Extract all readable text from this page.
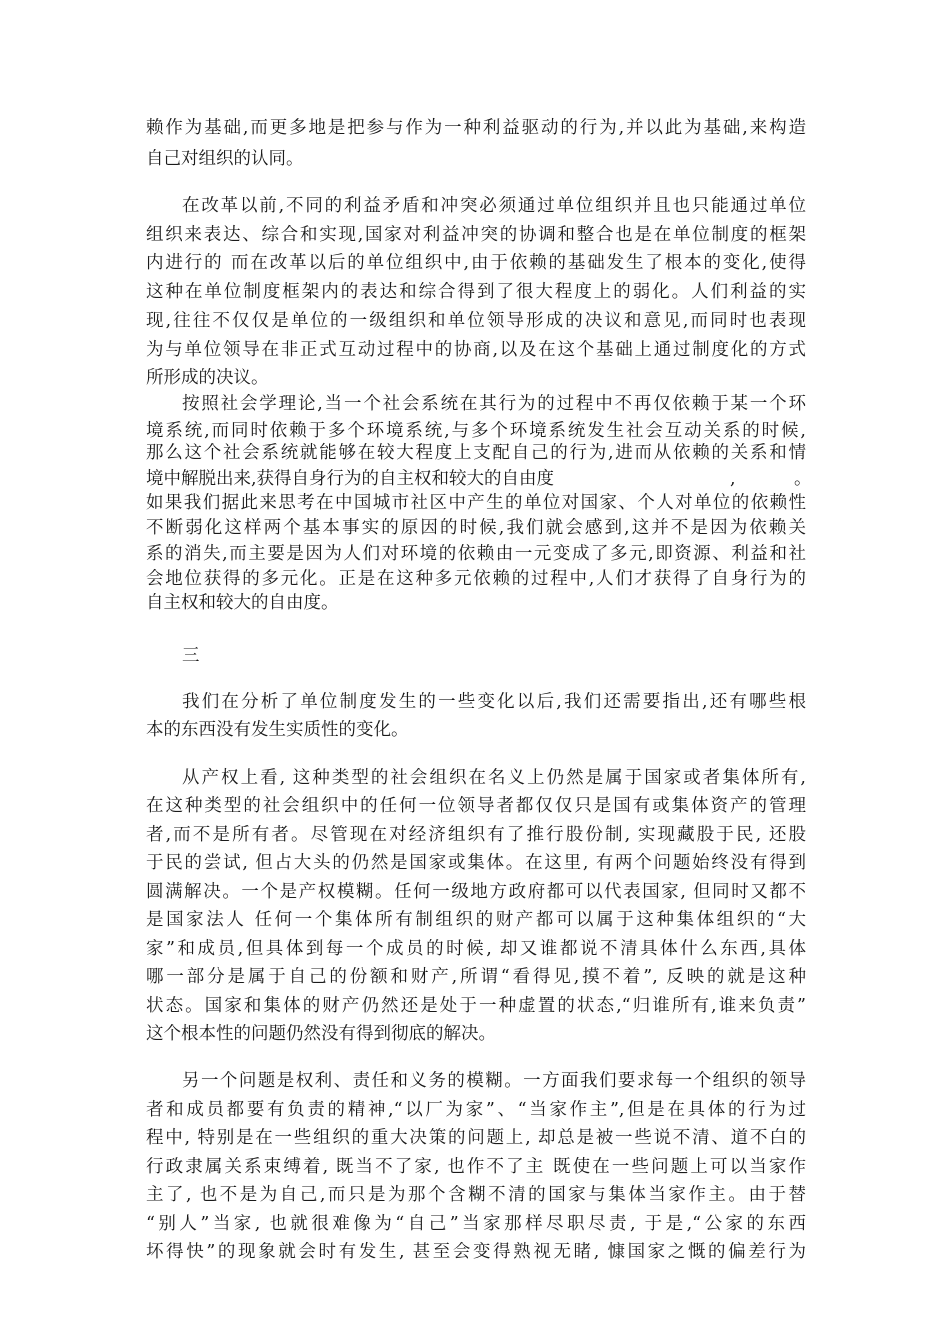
赖作为基础,而更多地是把参与作为一种利益驱动的行为,并以此为基础,来构造
自己对组织的认同。
在改革以前,不同的利益矛盾和冲突必须通过单位组织并且也只能通过单位
组织来表达、综合和实现,国家对利益冲突的协调和整合也是在单位制度的框架
内进行的 而在改革以后的单位组织中,由于依赖的基础发生了根本的变化,使得
这种在单位制度框架内的表达和综合得到了很大程度上的弱化。人们利益的实
现,往往不仅仅是单位的一级组织和单位领导形成的决议和意见,而同时也表现
为与单位领导在非正式互动过程中的协商,以及在这个基础上通过制度化的方式
所形成的决议。
按照社会学理论,当一个社会系统在其行为的过程中不再仅依赖于某一个环
境系统,而同时依赖于多个环境系统,与多个环境系统发生社会互动关系的时候,
那么这个社会系统就能够在较大程度上支配自己的行为,进而从依赖的关系和情
境中解脱出来,获得自身行为的自主权和较大的自由度	,	。
如果我们据此来思考在中国城市社区中产生的单位对国家、个人对单位的依赖性
不断弱化这样两个基本事实的原因的时候,我们就会感到,这并不是因为依赖关
系的消失,而主要是因为人们对环境的依赖由一元变成了多元,即资源、利益和社
会地位获得的多元化。正是在这种多元依赖的过程中,人们才获得了自身行为的
自主权和较大的自由度。
三
我们在分析了单位制度发生的一些变化以后,我们还需要指出,还有哪些根
本的东西没有发生实质性的变化。
从产权上看, 这种类型的社会组织在名义上仍然是属于国家或者集体所有,
在这种类型的社会组织中的任何一位领导者都仅仅只是国有或集体资产的管理
者,而不是所有者。尽管现在对经济组织有了推行股份制, 实现藏股于民, 还股
于民的尝试, 但占大头的仍然是国家或集体。在这里, 有两个问题始终没有得到
圆满解决。一个是产权模糊。任何一级地方政府都可以代表国家, 但同时又都不
是国家法人 任何一个集体所有制组织的财产都可以属于这种集体组织的“大
家”和成员,但具体到每一个成员的时候, 却又谁都说不清具体什么东西,具体
哪一部分是属于自己的份额和财产,所谓“看得见,摸不着”, 反映的就是这种
状态。国家和集体的财产仍然还是处于一种虚置的状态,“归谁所有,谁来负责”
这个根本性的问题仍然没有得到彻底的解决。
另一个问题是权利、责任和义务的模糊。一方面我们要求每一个组织的领导
者和成员都要有负责的精神,“以厂为家”、“当家作主”,但是在具体的行为过
程中, 特别是在一些组织的重大决策的问题上, 却总是被一些说不清、道不白的
行政隶属关系束缚着, 既当不了家, 也作不了主 既使在一些问题上可以当家作
主了, 也不是为自己,而只是为那个含糊不清的国家与集体当家作主。由于替
“别人”当家, 也就很难像为“自己”当家那样尽职尽责, 于是,“公家的东西
坏得快”的现象就会时有发生, 甚至会变得熟视无睹, 慷国家之慨的偏差行为
